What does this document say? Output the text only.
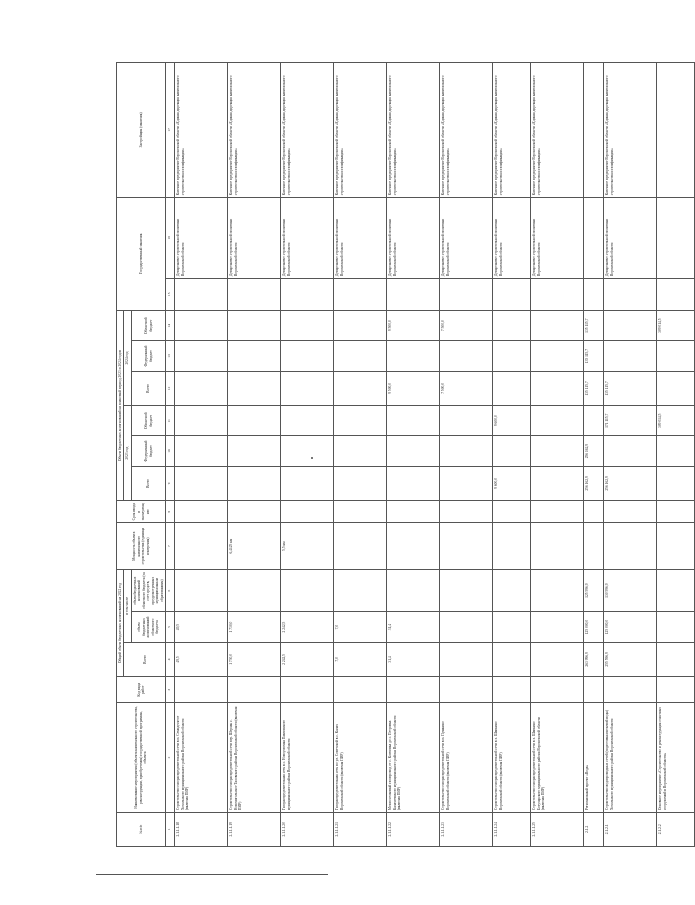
№ п/п	Наименование мероприятия (объекта капитального строительства, реконструкции, приобретения) государственной программы, объекта	Код вида работ	Общий объем бюджетных ассигнований на 2022 год			Мощность объекта капитального строительства (единица измерения)	Срок ввода в эксплуатацию	Объем бюджетных ассигнований на плановый период 2023 и 2024 годов						Государственный заказчик		Застройщик (заказчик)
			Всего	в том числе				2023 год			2024 год					
				объем бюджетных ассигнований областного бюджета	объем бюджетных ассигнований областного бюджета (за счет средств, предусмотренных муниципальным образованиям)			Всего	Федеральный бюджет	Областной бюджет	Всего	Федеральный бюджет	Областной бюджет			
1	2	3	4	5	6	7	8	9	10	11	12	13	14	15	16	17
2.1.1.1.18	Строительство газораспределительной сети в п. Семидесятое Хохольского муниципального района Воронежской области (включая ПИР)		49,5	49,5											Департамент строительной политики Воронежской области	Казенное предприятие Воронежской области «Единая дирекция капитального строительства и газификации»
2.1.1.1.19	Строительство газораспределительной сети пер. Шерлак с. Новочигольское Таловского района Воронежской области (включая ПИР)		1 730,0	1 730,0		6,4125 км									Департамент строительной политики Воронежской области	Казенное предприятие Воронежской области «Единая дирекция капитального строительства и газификации»
2.1.1.1.20	Газораспределительная сеть в с. Новоуспенка Павловского муниципального района Воронежской области		2 242,5	2 242,5		5,5 км									Департамент строительной политики Воронежской области	Казенное предприятие Воронежской области «Единая дирекция капитального строительства и газификации»
2.1.1.1.21	Газораспределительная сеть по ул. Советской в с. Калач Воронежской области (включая ПИР)		7,0	7,0											Департамент строительной политики Воронежской области	Казенное предприятие Воронежской области «Единая дирекция капитального строительства и газификации»
2.1.1.1.22	Межпоселковый газопровод от с. Клеповка до с. Петровка Калачеевского муниципального района Воронежской области (включая ПИР)		31,4	31,4							9 500,0		9 500,0		Департамент строительной политики Воронежской области	Казенное предприятие Воронежской области «Единая дирекция капитального строительства и газификации»
2.1.1.1.23	Строительство газораспределительной сети в п. Пушкино Воронежской области (включая ПИР)										7 500,0		7 500,0		Департамент строительной политики Воронежской области	Казенное предприятие Воронежской области «Единая дирекция капитального строительства и газификации»
2.1.1.1.24	Строительство газораспределительной сети в х. Шапкино Воронежской области (включая ПИР)							9 600,0		9 600,0					Департамент строительной политики Воронежской области	Казенное предприятие Воронежской области «Единая дирекция капитального строительства и газификации»
2.1.1.1.25	Строительство газораспределительной сети в х. Шапкино Богучарского муниципального района Воронежской области (включая ПИР)														Департамент строительной политики Воронежской области	Казенное предприятие Воронежской области «Единая дирекция капитального строительства и газификации»
2.1.2	Региональный проект «Вода»		263 996,9	125 000,0	125 596,9			256 162,9	256 162,9		135 115,7	135 115,7	135 115,7			
2.1.2.1	Строительство водопроводных сетей (подготовка питьевой воды) Хохольского муниципального района Воронежской области		255 596,9	125 000,0	130 596,9			256 162,9		171 115,7	135 115,7				Департамент строительной политики Воронежской области	Казенное предприятие Воронежской области «Единая дирекция капитального строительства и газификации»
2.1.2.2	Основное мероприятие «Строительство и реконструкция очистных сооружений в Воронежской области»									309 014,5			309 014,5			
